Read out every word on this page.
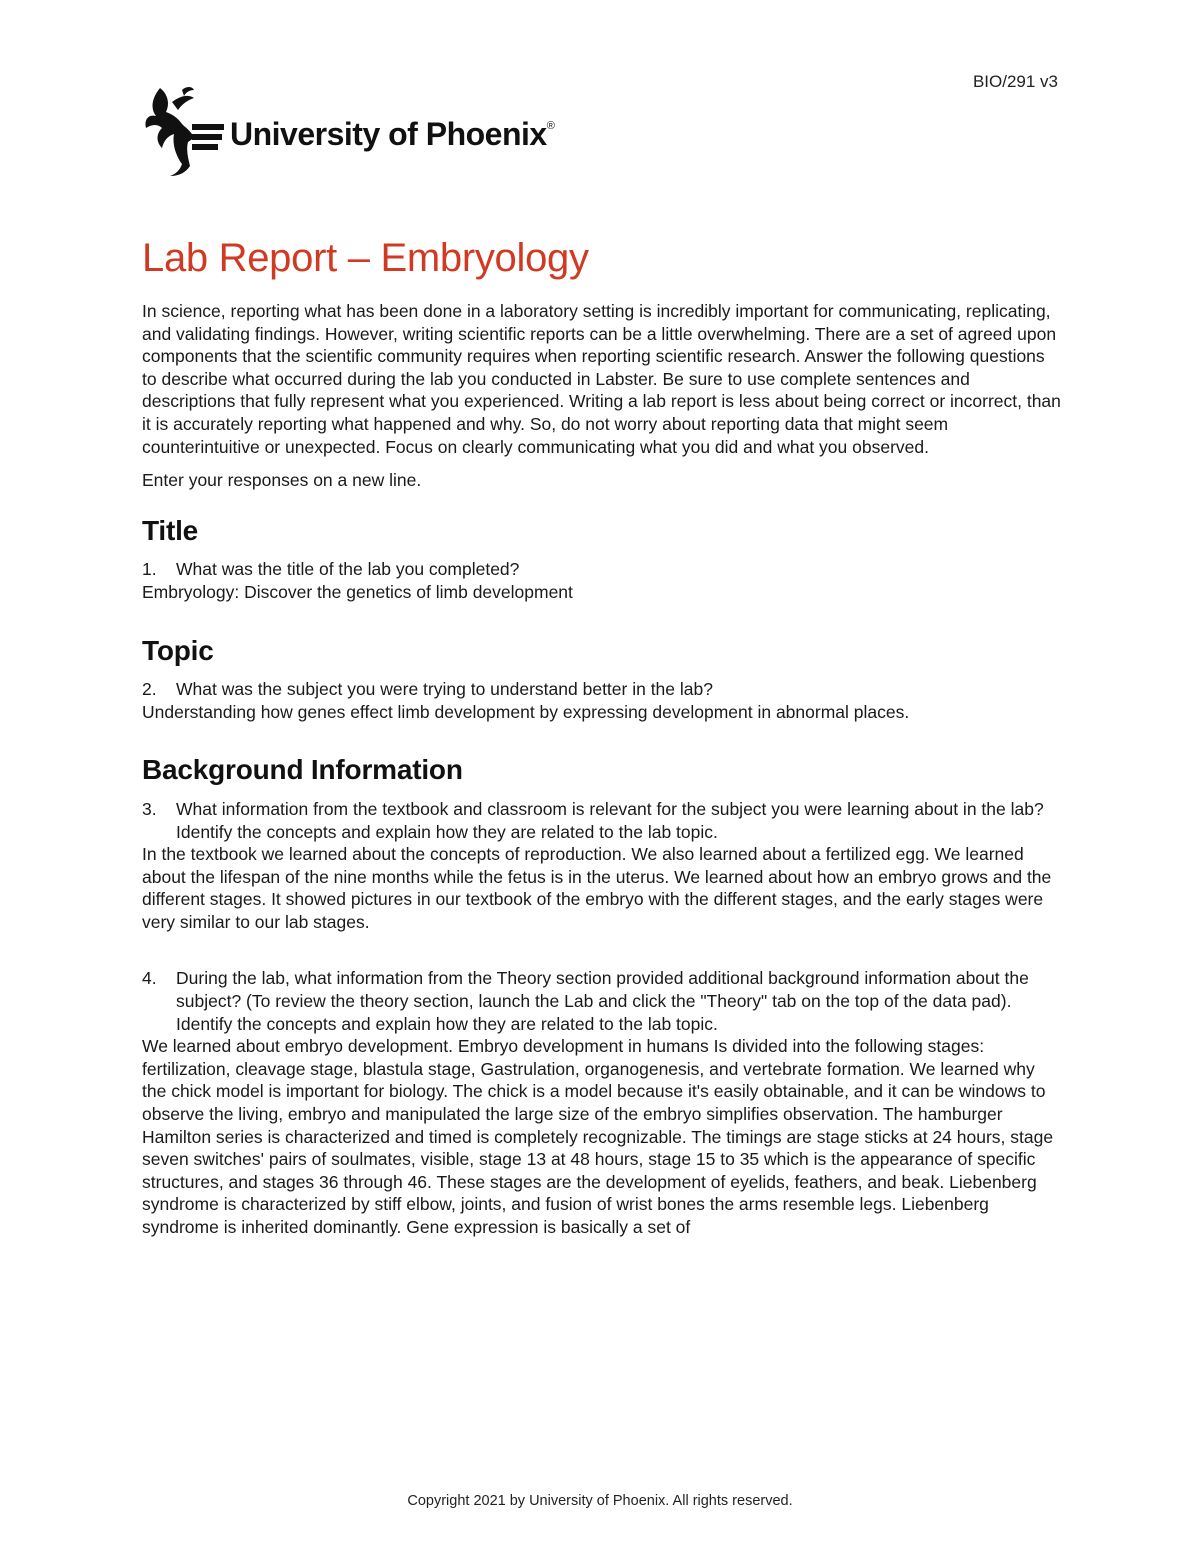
BIO/291 v3
University of Phoenix®
Lab Report – Embryology

In science, reporting what has been done in a laboratory setting is incredibly important for communicating, replicating, and validating findings. However, writing scientific reports can be a little overwhelming. There are a set of agreed upon components that the scientific community requires when reporting scientific research. Answer the following questions to describe what occurred during the lab you conducted in Labster. Be sure to use complete sentences and descriptions that fully represent what you experienced. Writing a lab report is less about being correct or incorrect, than it is accurately reporting what happened and why. So, do not worry about reporting data that might seem counterintuitive or unexpected. Focus on clearly communicating what you did and what you observed.

Enter your responses on a new line.

Title
1.	What was the title of the lab you completed?

Embryology: Discover the genetics of limb development

Topic
2.	What was the subject you were trying to understand better in the lab?

Understanding how genes effect limb development by expressing development in abnormal places.

Background Information
3.	What information from the textbook and classroom is relevant for the subject you were learning about in the lab? Identify the concepts and explain how they are related to the lab topic.

In the textbook we learned about the concepts of reproduction. We also learned about a fertilized egg. We learned about the lifespan of the nine months while the fetus is in the uterus. We learned about how an embryo grows and the different stages. It showed pictures in our textbook of the embryo with the different stages, and the early stages were very similar to our lab stages.

4.	During the lab, what information from the Theory section provided additional background information about the subject? (To review the theory section, launch the Lab and click the "Theory" tab on the top of the data pad). Identify the concepts and explain how they are related to the lab topic.

We learned about embryo development. Embryo development in humans Is divided into the following stages: fertilization, cleavage stage, blastula stage, Gastrulation, organogenesis, and vertebrate formation. We learned why the chick model is important for biology. The chick is a model because it's easily obtainable, and it can be windows to observe the living, embryo and manipulated the large size of the embryo simplifies observation. The hamburger Hamilton series is characterized and timed is completely recognizable. The timings are stage sticks at 24 hours, stage seven switches' pairs of soulmates, visible, stage 13 at 48 hours, stage 15 to 35 which is the appearance of specific structures, and stages 36 through 46. These stages are the development of eyelids, feathers, and beak. Liebenberg syndrome is characterized by stiff elbow, joints, and fusion of wrist bones the arms resemble legs. Liebenberg syndrome is inherited dominantly. Gene expression is basically a set of

Copyright 2021 by University of Phoenix. All rights reserved.
